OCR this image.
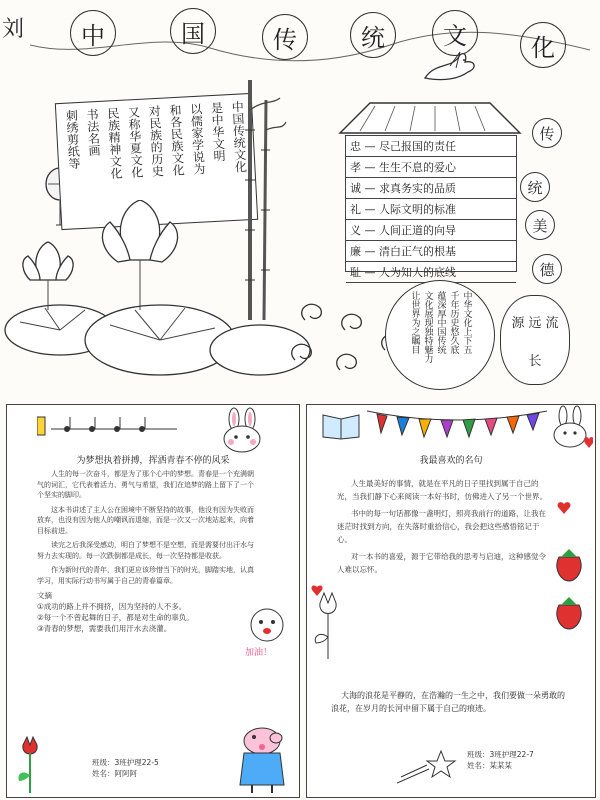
刘 中	国	传	统 文	化
中国传统文化
是中华文明
以儒家学说为
和各民族文化
对民族的历史
又称华夏文化
民族精神文化
书法名画
刺绣剪纸等	忠 — 尽己报国的责任
孝 — 生生不息的爱心
诚 — 求真务实的品质
礼 — 人际文明的标准
义 — 人间正道的向导
廉 — 清白正气的根基
耻 — 人为知人的底线
传
统
美
德
中华文化上下五
千年历史悠久底
蕴深厚中国传统
文化展现独特魅力
让世界为之瞩目	源 远 流
长
为梦想执着拼搏，挥洒青春不停的风采

人生的每一次奋斗，都是为了那个心中的梦想。青春是一个充满朝气的词汇，它代表着活力、勇气与希望，我们在追梦的路上留下了一个个坚实的脚印。

这本书讲述了主人公在困境中不断坚持的故事，他没有因为失败而放弃，也没有因为他人的嘲讽而退缩，而是一次又一次地站起来，向着目标前进。

读完之后我深受感动，明白了梦想不是空想，而是需要付出汗水与努力去实现的。每一次跌倒都是成长，每一次坚持都是收获。

作为新时代的青年，我们更应该珍惜当下的时光，脚踏实地，认真学习，用实际行动书写属于自己的青春篇章。

文摘
①成功的路上并不拥挤，因为坚持的人不多。
②每一个不曾起舞的日子，都是对生命的辜负。
③青春的梦想，需要我们用汗水去浇灌。
加油！
班级：3班护理22-5
姓名：阿阿阿
我最喜欢的名句

人生最美好的事情，就是在平凡的日子里找到属于自己的光，当我们静下心来阅读一本好书时，仿佛进入了另一个世界。

书中的每一句话都像一盏明灯，照亮我前行的道路，让我在迷茫时找到方向，在失落时重拾信心，我会把这些感悟铭记于心。

对一本书的喜爱，源于它带给我的思考与启迪，这种感觉令人难以忘怀。

大海的浪花是平静的，在浩瀚的一生之中，我们要做一朵勇敢的浪花，在岁月的长河中留下属于自己的痕迹。

班级：3班护理22-7
姓名：某某某
